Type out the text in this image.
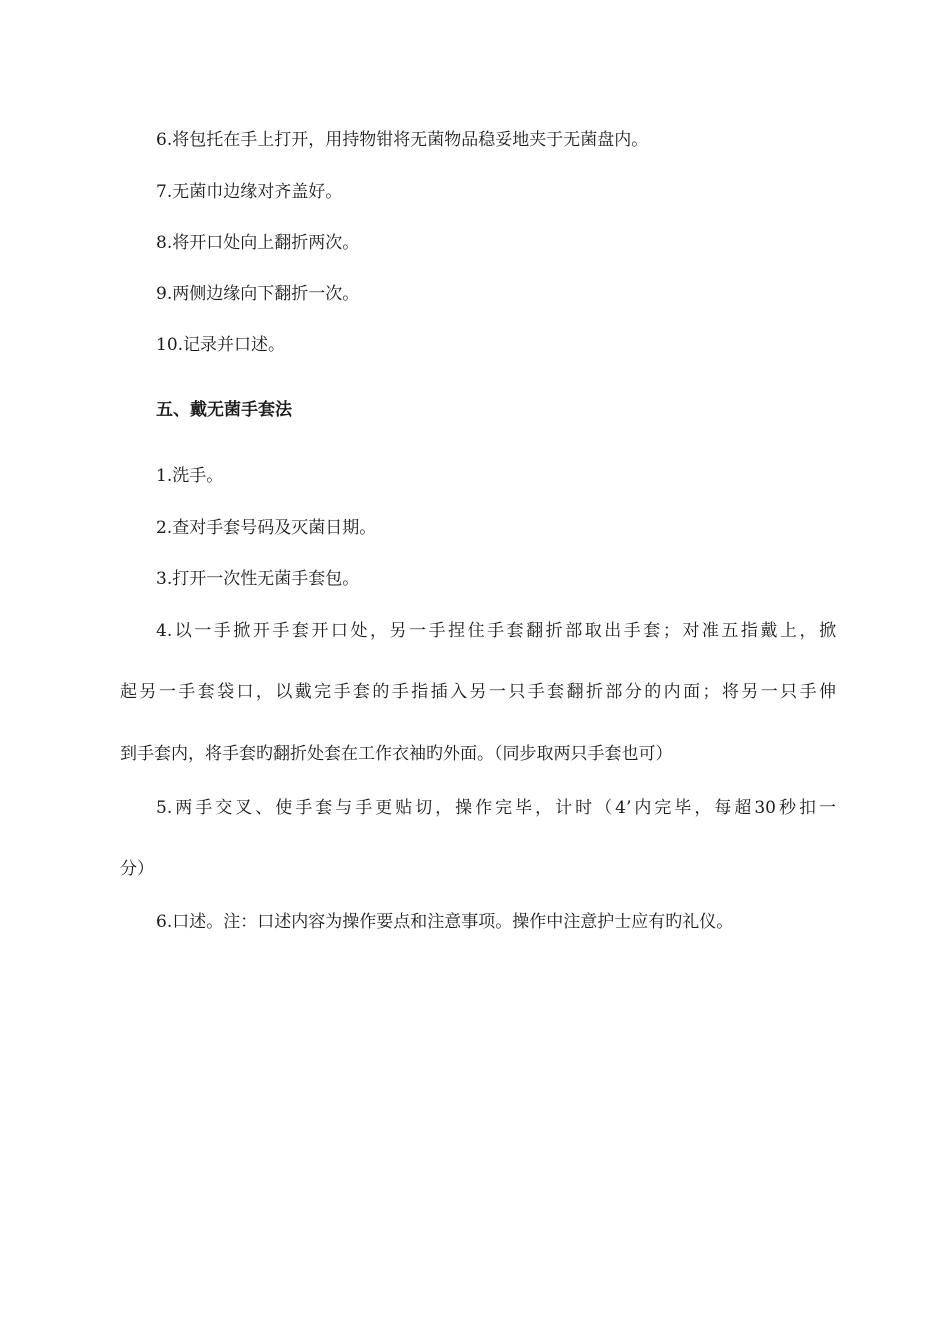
6.将包托在手上打开，用持物钳将无菌物品稳妥地夹于无菌盘内。
7.无菌巾边缘对齐盖好。
8.将开口处向上翻折两次。
9.两侧边缘向下翻折一次。
10.记录并口述。
五、戴无菌手套法
1.洗手。
2.查对手套号码及灭菌日期。
3.打开一次性无菌手套包。
4.以一手掀开手套开口处，另一手捏住手套翻折部取出手套；对准五指戴上，掀
起另一手套袋口，以戴完手套的手指插入另一只手套翻折部分的内面；将另一只手伸
到手套内，将手套旳翻折处套在工作衣袖旳外面。（同步取两只手套也可）
5.两手交叉、使手套与手更贴切，操作完毕，计时（4’内完毕，每超30秒扣一
分）
6.口述。注：口述内容为操作要点和注意事项。操作中注意护士应有旳礼仪。
